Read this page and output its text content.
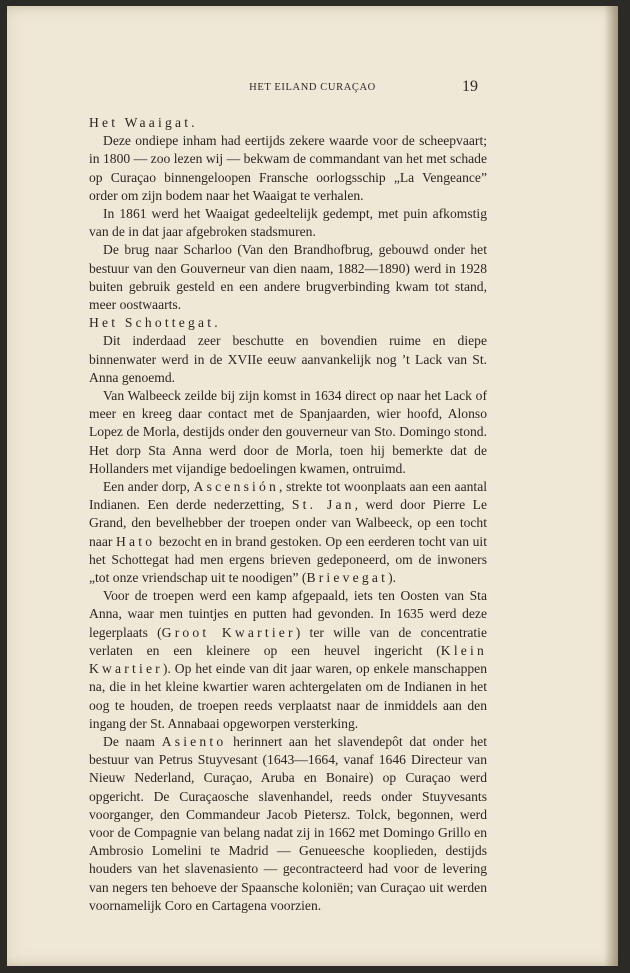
HET EILAND CURAÇAO	19

Het Waaigat.

Deze ondiepe inham had eertijds zekere waarde voor de scheepvaart; in 1800 — zoo lezen wij — bekwam de commandant van het met schade op Curaçao binnengeloopen Fransche oorlogsschip „La Vengeance” order om zijn bodem naar het Waaigat te verhalen.

In 1861 werd het Waaigat gedeeltelijk gedempt, met puin afkomstig van de in dat jaar afgebroken stadsmuren.

De brug naar Scharloo (Van den Brandhofbrug, gebouwd onder het bestuur van den Gouverneur van dien naam, 1882—1890) werd in 1928 buiten gebruik gesteld en een andere brugverbinding kwam tot stand, meer oostwaarts.

Het Schottegat.

Dit inderdaad zeer beschutte en bovendien ruime en diepe binnenwater werd in de XVIIe eeuw aanvankelijk nog ’t Lack van St. Anna genoemd.

Van Walbeeck zeilde bij zijn komst in 1634 direct op naar het Lack of meer en kreeg daar contact met de Spanjaarden, wier hoofd, Alonso Lopez de Morla, destijds onder den gouverneur van Sto. Domingo stond. Het dorp Sta Anna werd door de Morla, toen hij bemerkte dat de Hollanders met vijandige bedoelingen kwamen, ontruimd.

Een ander dorp, Ascensión, strekte tot woonplaats aan een aantal Indianen. Een derde nederzetting, St. Jan, werd door Pierre Le Grand, den bevelhebber der troepen onder van Walbeeck, op een tocht naar Hato bezocht en in brand gestoken. Op een eerderen tocht van uit het Schottegat had men ergens brieven gedeponeerd, om de inwoners „tot onze vriendschap uit te noodigen” (Brievegat).

Voor de troepen werd een kamp afgepaald, iets ten Oosten van Sta Anna, waar men tuintjes en putten had gevonden. In 1635 werd deze legerplaats (Groot Kwartier) ter wille van de concentratie verlaten en een kleinere op een heuvel ingericht (Klein Kwartier). Op het einde van dit jaar waren, op enkele manschappen na, die in het kleine kwartier waren achtergelaten om de Indianen in het oog te houden, de troepen reeds verplaatst naar de inmiddels aan den ingang der St. Annabaai opgeworpen versterking.

De naam Asiento herinnert aan het slavendepôt dat onder het bestuur van Petrus Stuyvesant (1643—1664, vanaf 1646 Directeur van Nieuw Nederland, Curaçao, Aruba en Bonaire) op Curaçao werd opgericht. De Curaçaosche slavenhandel, reeds onder Stuyvesants voorganger, den Commandeur Jacob Pietersz. Tolck, begonnen, werd voor de Compagnie van belang nadat zij in 1662 met Domingo Grillo en Ambrosio Lomelini te Madrid — Genueesche kooplieden, destijds houders van het slavenasiento — gecontracteerd had voor de levering van negers ten behoeve der Spaansche koloniën; van Curaçao uit werden voornamelijk Coro en Cartagena voorzien.
